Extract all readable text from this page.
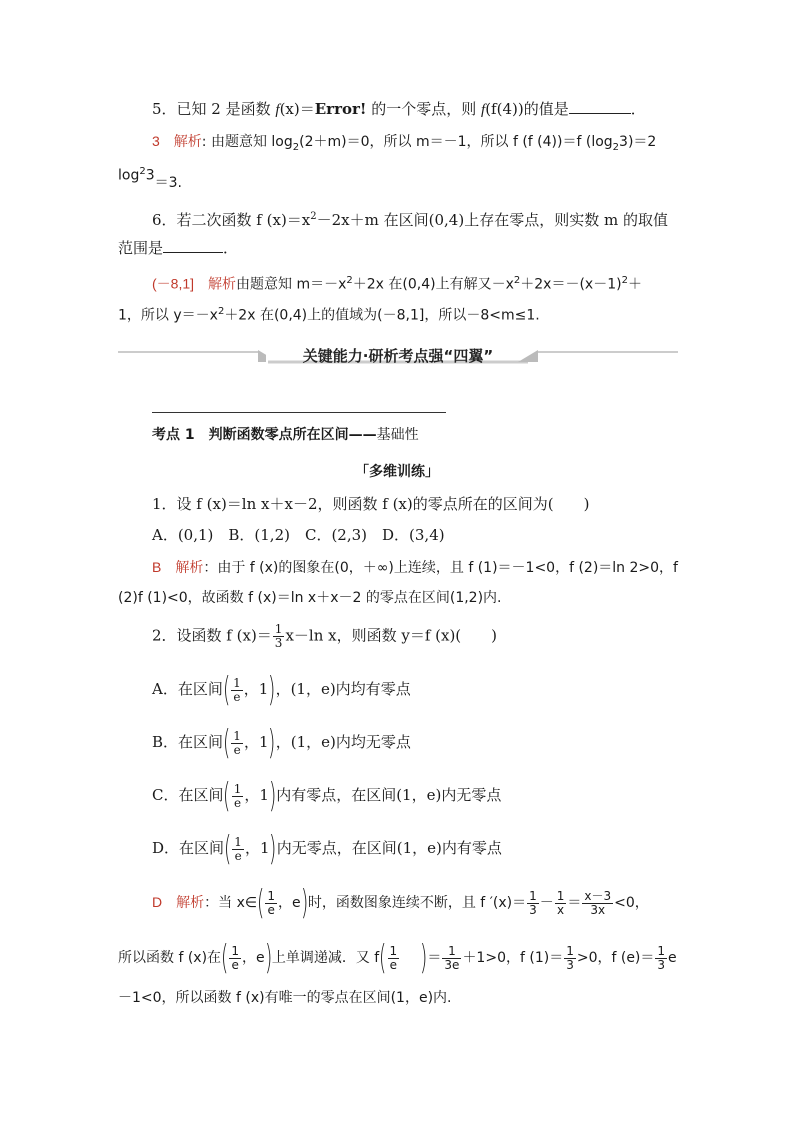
5．已知 2 是函数 f(x)＝Error! 的一个零点，则 f(f(4))的值是	．
3　 解析: 由题意知 $\log_2(2+m)=0$，所以 m＝－1，所以 f (f (4))＝f $(\log_23)=2$
$\log^23=3$.
6．若二次函数 f $(x)=x^2-2x+m$ 在区间(0,4)上存在零点，则实数 m 的取值
范围是	．
(－8,1]　 解析由题意知 $m=-x^2+2x$ 在(0,4)上有解又$-x^2+2x=-(x-1)^2+$
1，所以 $y=-x^2+2x$ 在(0,4)上的值域为(－8,1]，所以－8<m≤1.
关键能力·研析考点强“四翼”
考点 1　判断函数零点所在区间——基础性
「多维训练」
1．设 f (x)＝ln x＋x－2，则函数 f (x)的零点所在的区间为(　　)
A．(0,1)　B．(1,2)　C．(2,3)　D．(3,4)
B　 解析：由于 f (x)的图象在(0，＋∞)上连续，且 f (1)＝－1<0，f (2)＝ln 2>0，f
(2)f (1)<0，故函数 f (x)＝ln x＋x－2 的零点在区间(1,2)内.
2．设函数 f $(x)= \frac{1}{3} x-\ln$ x，则函数 y＝f (x)(　　)
A．在区间( $\frac{1}{e}$ ，1)，(1，e)内均有零点
B．在区间( $\frac{1}{e}$ ，1)，(1，e)内均无零点
C．在区间( $\frac{1}{e}$ ，1)内有零点，在区间(1，e)内无零点
D．在区间( $\frac{1}{e}$ ，1)内无零点，在区间(1，e)内有零点
D　 解析：当 x∈( $\frac{1}{e}$ ，e)时，函数图象连续不断，且 f $'(x)= \frac{1}{3} - \frac{1}{x} = \frac{x-3}{3x} <0$，
所以函数 f (x)在( $\frac{1}{e}$ ，e)上单调递减．又 $f( \frac{1}{e}$ )＝ $\frac{1}{3e} +1>0$，f $(1)= \frac{1}{3} >0$，f $(e)= \frac{1}{3}$ e
－1<0，所以函数 f (x)有唯一的零点在区间(1，e)内.
